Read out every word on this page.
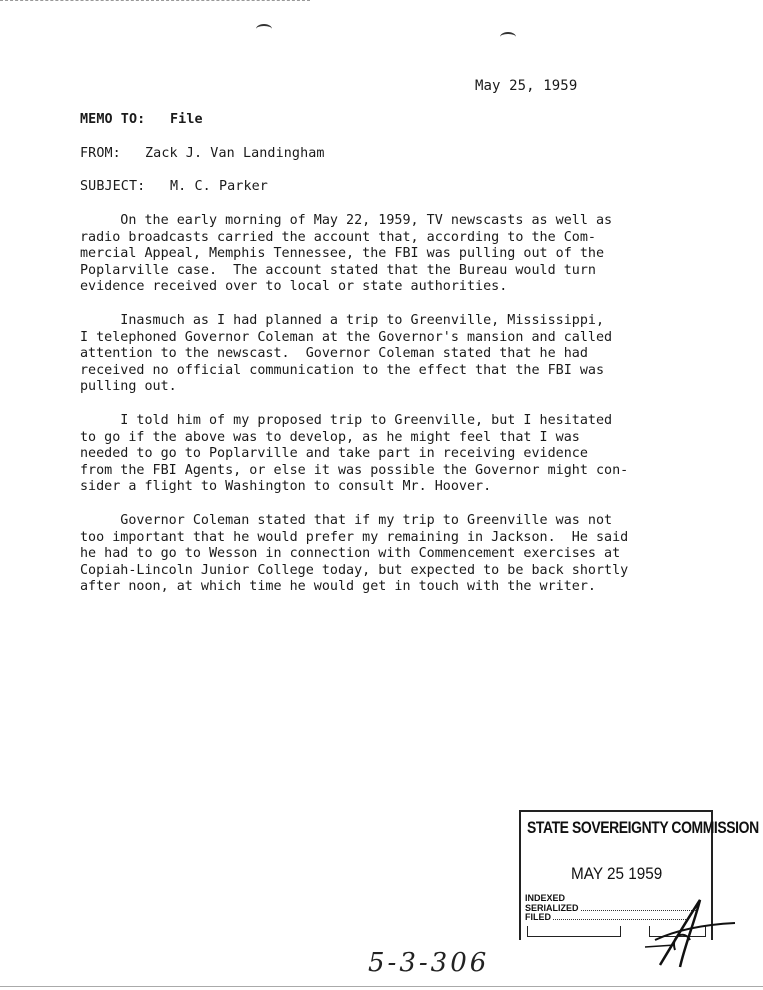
May 25, 1959
MEMO TO: File
FROM: Zack J. Van Landingham
SUBJECT: M. C. Parker
On the early morning of May 22, 1959, TV newscasts as well as
radio broadcasts carried the account that, according to the Com-
mercial Appeal, Memphis Tennessee, the FBI was pulling out of the
Poplarville case.  The account stated that the Bureau would turn
evidence received over to local or state authorities.
Inasmuch as I had planned a trip to Greenville, Mississippi,
I telephoned Governor Coleman at the Governor's mansion and called
attention to the newscast.  Governor Coleman stated that he had
received no official communication to the effect that the FBI was
pulling out.
I told him of my proposed trip to Greenville, but I hesitated
to go if the above was to develop, as he might feel that I was
needed to go to Poplarville and take part in receiving evidence
from the FBI Agents, or else it was possible the Governor might con-
sider a flight to Washington to consult Mr. Hoover.
Governor Coleman stated that if my trip to Greenville was not
too important that he would prefer my remaining in Jackson.  He said
he had to go to Wesson in connection with Commencement exercises at
Copiah-Lincoln Junior College today, but expected to be back shortly
after noon, at which time he would get in touch with the writer.
STATE SOVEREIGNTY COMMISSION
MAY 25 1959
INDEXED
SERIALIZED
FILED
5-3-306
